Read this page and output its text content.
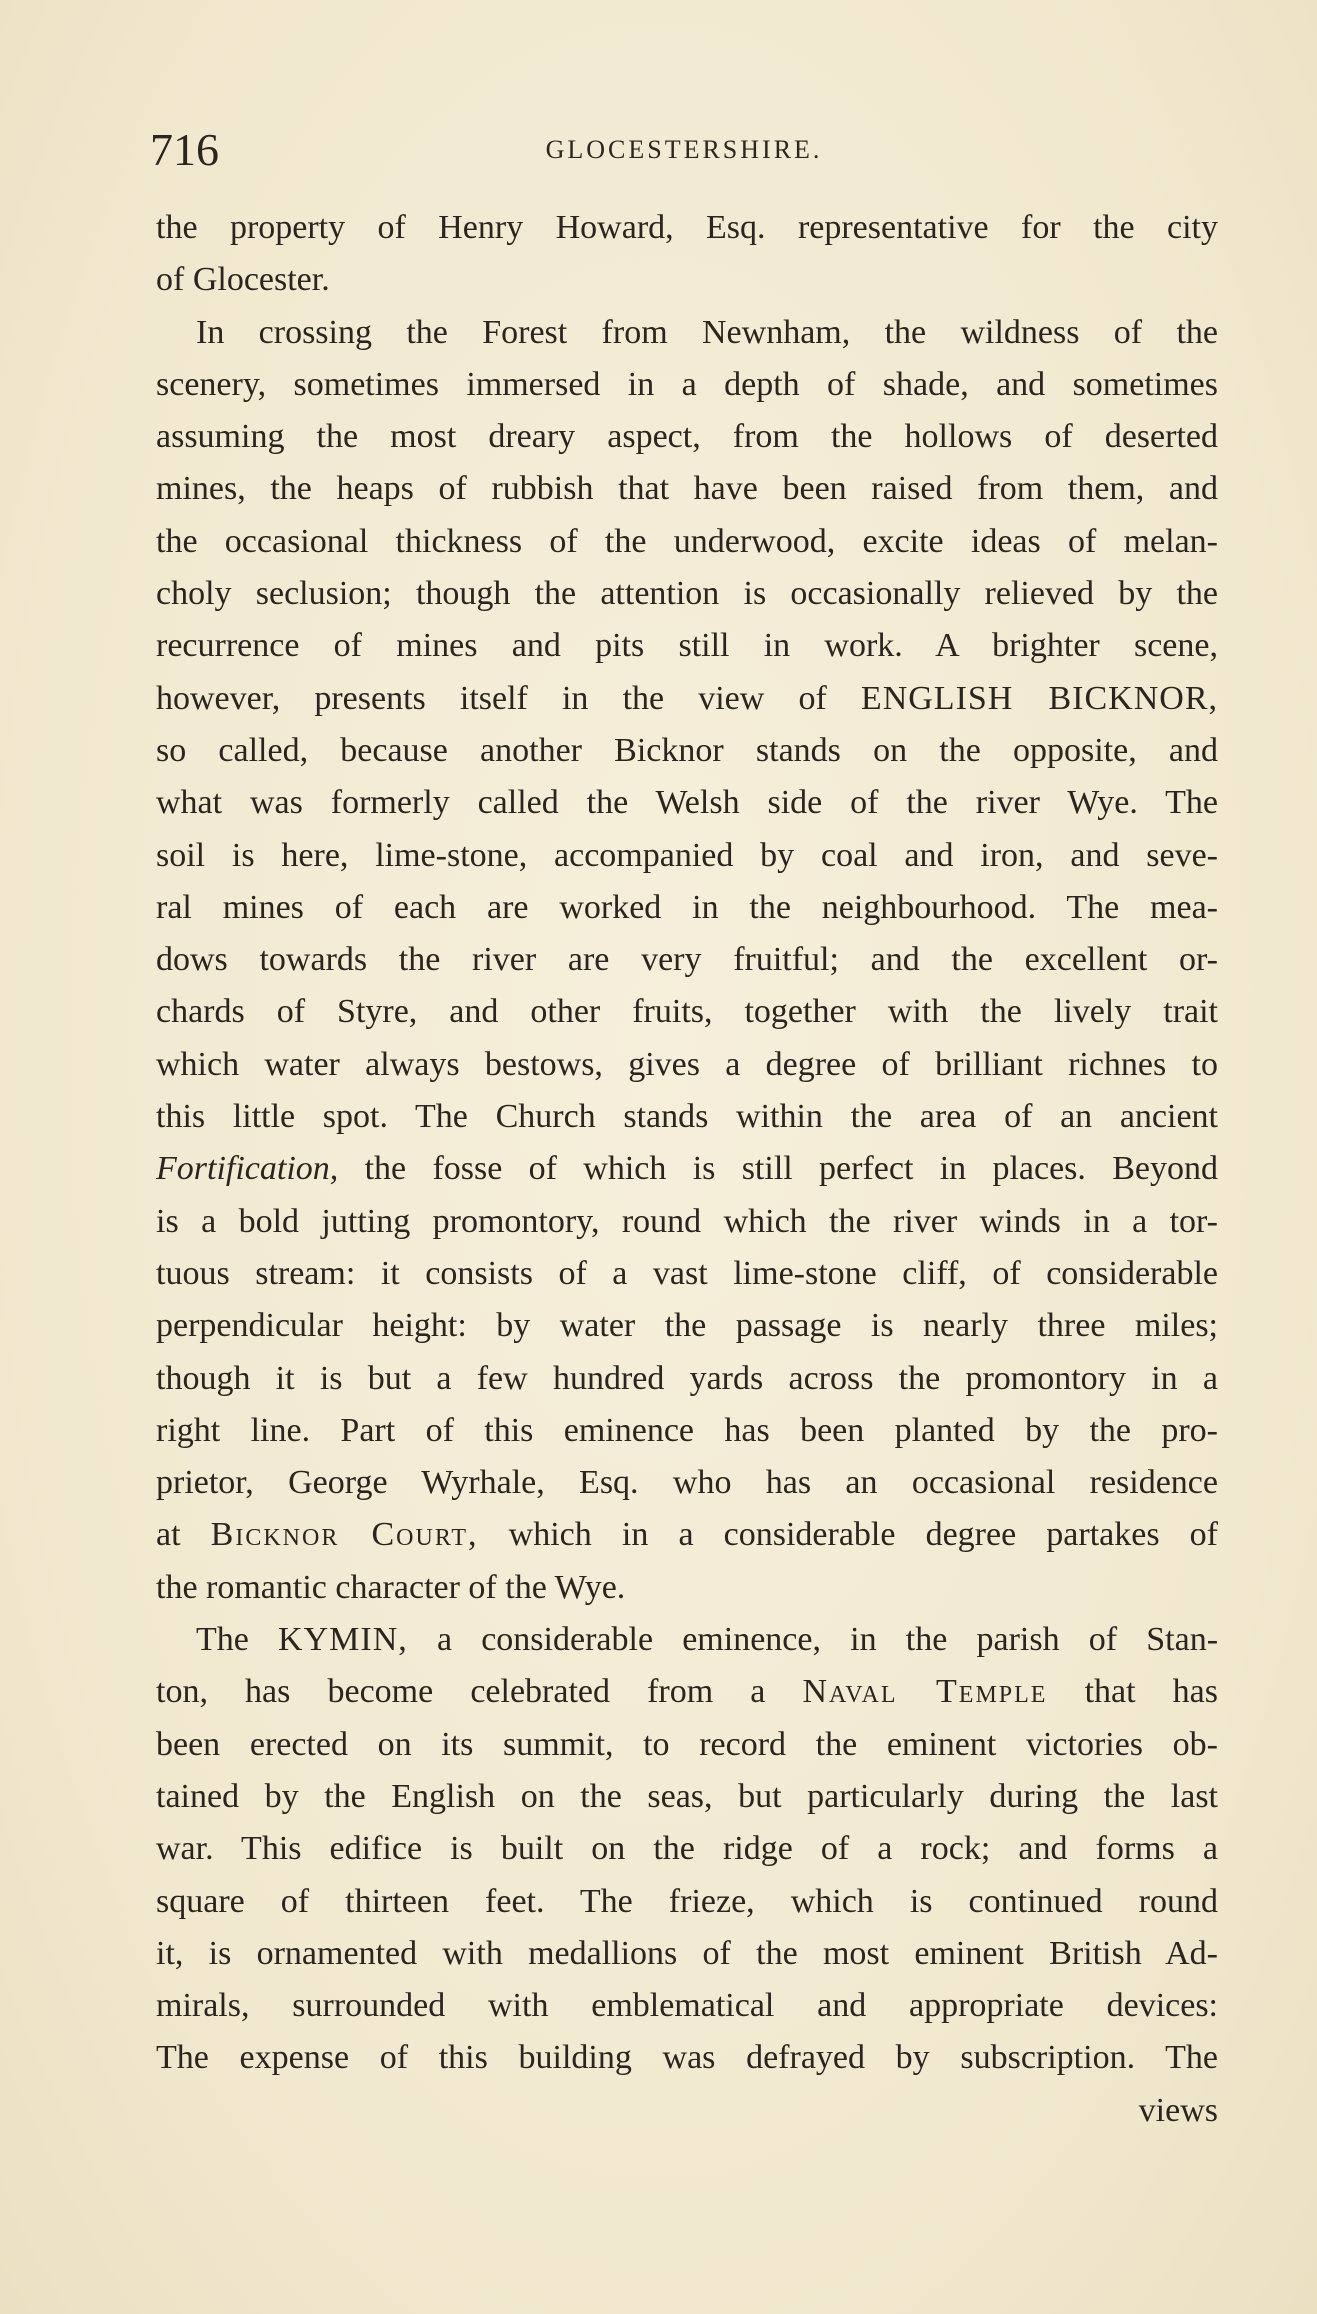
716	GLOCESTERSHIRE.
the property of Henry Howard, Esq. representative for the city
of Glocester.
In crossing the Forest from Newnham, the wildness of the
scenery, sometimes immersed in a depth of shade, and sometimes
assuming the most dreary aspect, from the hollows of deserted
mines, the heaps of rubbish that have been raised from them, and
the occasional thickness of the underwood, excite ideas of melan-
choly seclusion; though the attention is occasionally relieved by the
recurrence of mines and pits still in work. A brighter scene,
however, presents itself in the view of ENGLISH BICKNOR,
so called, because another Bicknor stands on the opposite, and
what was formerly called the Welsh side of the river Wye. The
soil is here, lime-stone, accompanied by coal and iron, and seve-
ral mines of each are worked in the neighbourhood. The mea-
dows towards the river are very fruitful; and the excellent or-
chards of Styre, and other fruits, together with the lively trait
which water always bestows, gives a degree of brilliant richnes to
this little spot. The Church stands within the area of an ancient
Fortification, the fosse of which is still perfect in places. Beyond
is a bold jutting promontory, round which the river winds in a tor-
tuous stream: it consists of a vast lime-stone cliff, of considerable
perpendicular height: by water the passage is nearly three miles;
though it is but a few hundred yards across the promontory in a
right line. Part of this eminence has been planted by the pro-
prietor, George Wyrhale, Esq. who has an occasional residence
at Bicknor Court, which in a considerable degree partakes of
the romantic character of the Wye.
The KYMIN, a considerable eminence, in the parish of Stan-
ton, has become celebrated from a Naval Temple that has
been erected on its summit, to record the eminent victories ob-
tained by the English on the seas, but particularly during the last
war. This edifice is built on the ridge of a rock; and forms a
square of thirteen feet. The frieze, which is continued round
it, is ornamented with medallions of the most eminent British Ad-
mirals, surrounded with emblematical and appropriate devices:
The expense of this building was defrayed by subscription. The
views
